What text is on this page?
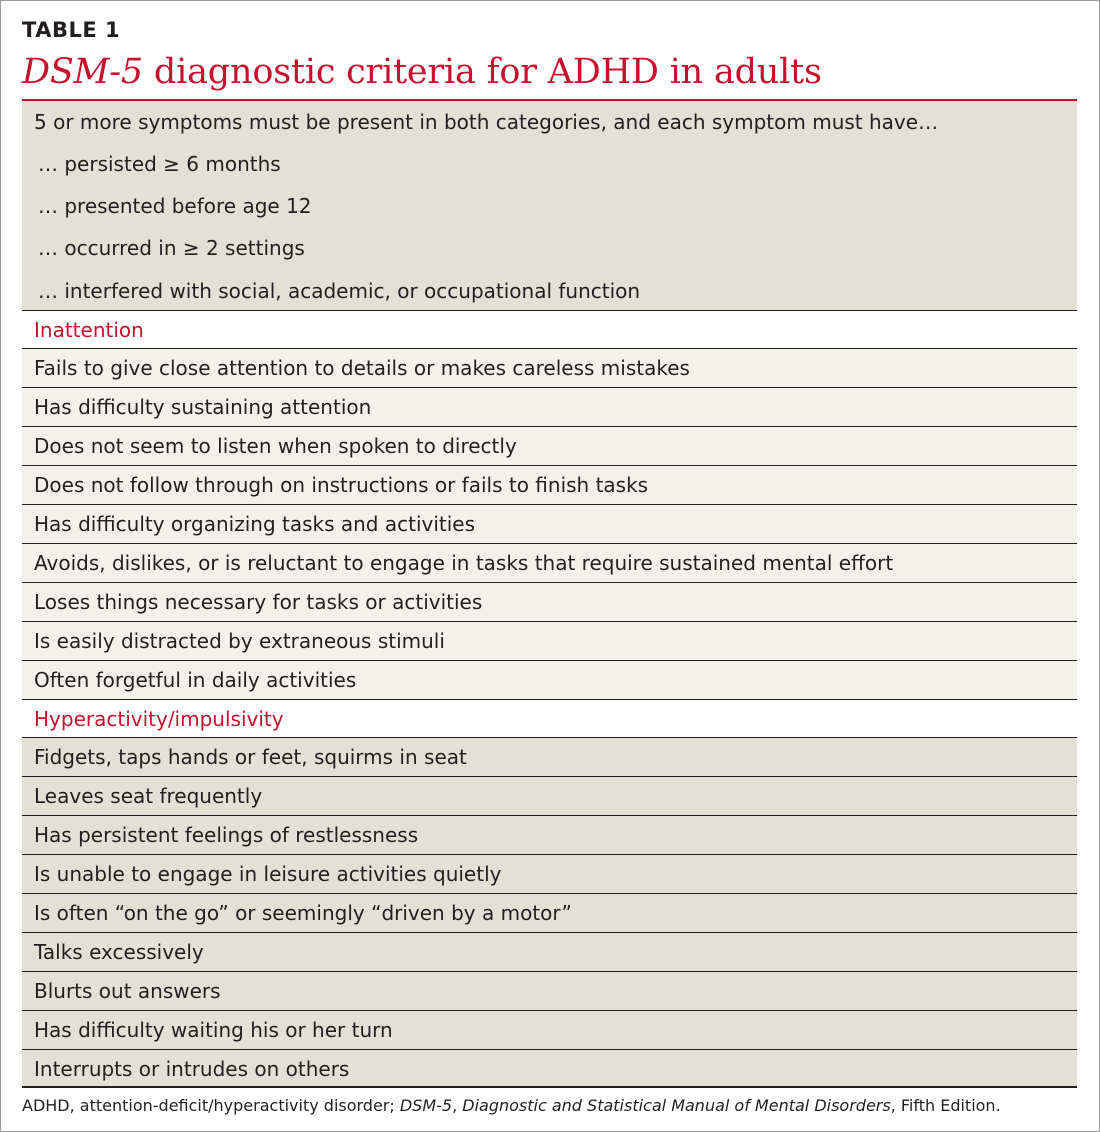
TABLE 1
DSM-5 diagnostic criteria for ADHD in adults
5 or more symptoms must be present in both categories, and each symptom must have…
… persisted ≥ 6 months
… presented before age 12
… occurred in ≥ 2 settings
… interfered with social, academic, or occupational function
Inattention
Fails to give close attention to details or makes careless mistakes
Has difficulty sustaining attention
Does not seem to listen when spoken to directly
Does not follow through on instructions or fails to finish tasks
Has difficulty organizing tasks and activities
Avoids, dislikes, or is reluctant to engage in tasks that require sustained mental effort
Loses things necessary for tasks or activities
Is easily distracted by extraneous stimuli
Often forgetful in daily activities
Hyperactivity/impulsivity
Fidgets, taps hands or feet, squirms in seat
Leaves seat frequently
Has persistent feelings of restlessness
Is unable to engage in leisure activities quietly
Is often “on the go” or seemingly “driven by a motor”
Talks excessively
Blurts out answers
Has difficulty waiting his or her turn
Interrupts or intrudes on others
ADHD, attention-deficit/hyperactivity disorder; DSM-5, Diagnostic and Statistical Manual of Mental Disorders, Fifth Edition.
